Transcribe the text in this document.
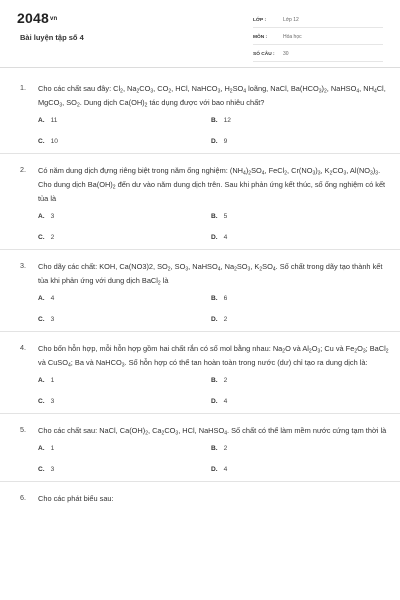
$2048^{vn}$
Bài luyện tập số 4
LỚP :	Lớp 12
MÔN :	Hóa học
SỐ CÂU :	30
1. Cho các chất sau đây: $Cl_2$, $Na_2CO_3$, $CO_2$, HCl, NaHCO$_3$, $H_2SO_4$ loãng, NaCl, $Ba(HCO_3)_2$, NaHSO$_4$, $NH_4Cl$, MgCO$_3$, $SO_2$. Dung dịch $Ca(OH)_2$ tác dụng được với bao nhiêu chất?
A. 11	B. 12
C. 10	D. 9
2. Có năm dung dịch đựng riêng biệt trong năm ống nghiệm: $(NH_4)_2SO_4$, FeCl$_2$, $Cr(NO_3)_3$, $K_2CO_3$, $Al(NO_3)_3$. Cho dung dịch $Ba(OH)_2$ đến dư vào năm dung dịch trên. Sau khi phản ứng kết thúc, số ống nghiệm có kết tủa là
A. 3	B. 5
C. 2	D. 4
3. Cho dãy các chất: KOH, Ca(NO3)2, $SO_2$, $SO_3$, NaHSO$_4$, $Na_2SO_3$, $K_2SO_4$. Số chất trong dãy tạo thành kết tủa khi phản ứng với dung dịch BaCl$_2$ là
A. 4	B. 6
C. 3	D. 2
4. Cho bốn hỗn hợp, mỗi hỗn hợp gồm hai chất rắn có số mol bằng nhau: $Na_2O$ và $Al_2O_3$; Cu và $Fe_2O_3$; BaCl$_2$ và CuSO$_4$; Ba và NaHCO$_3$. Số hỗn hợp có thể tan hoàn toàn trong nước (dư) chỉ tạo ra dung dịch là:
A. 1	B. 2
C. 3	D. 4
5. Cho các chất sau: NaCl, $Ca(OH)_2$, $Ca_2CO_3$, HCl, NaHSO$_4$. Số chất có thể làm mềm nước cứng tạm thời là
A. 1	B. 2
C. 3	D. 4
6. Cho các phát biểu sau:
